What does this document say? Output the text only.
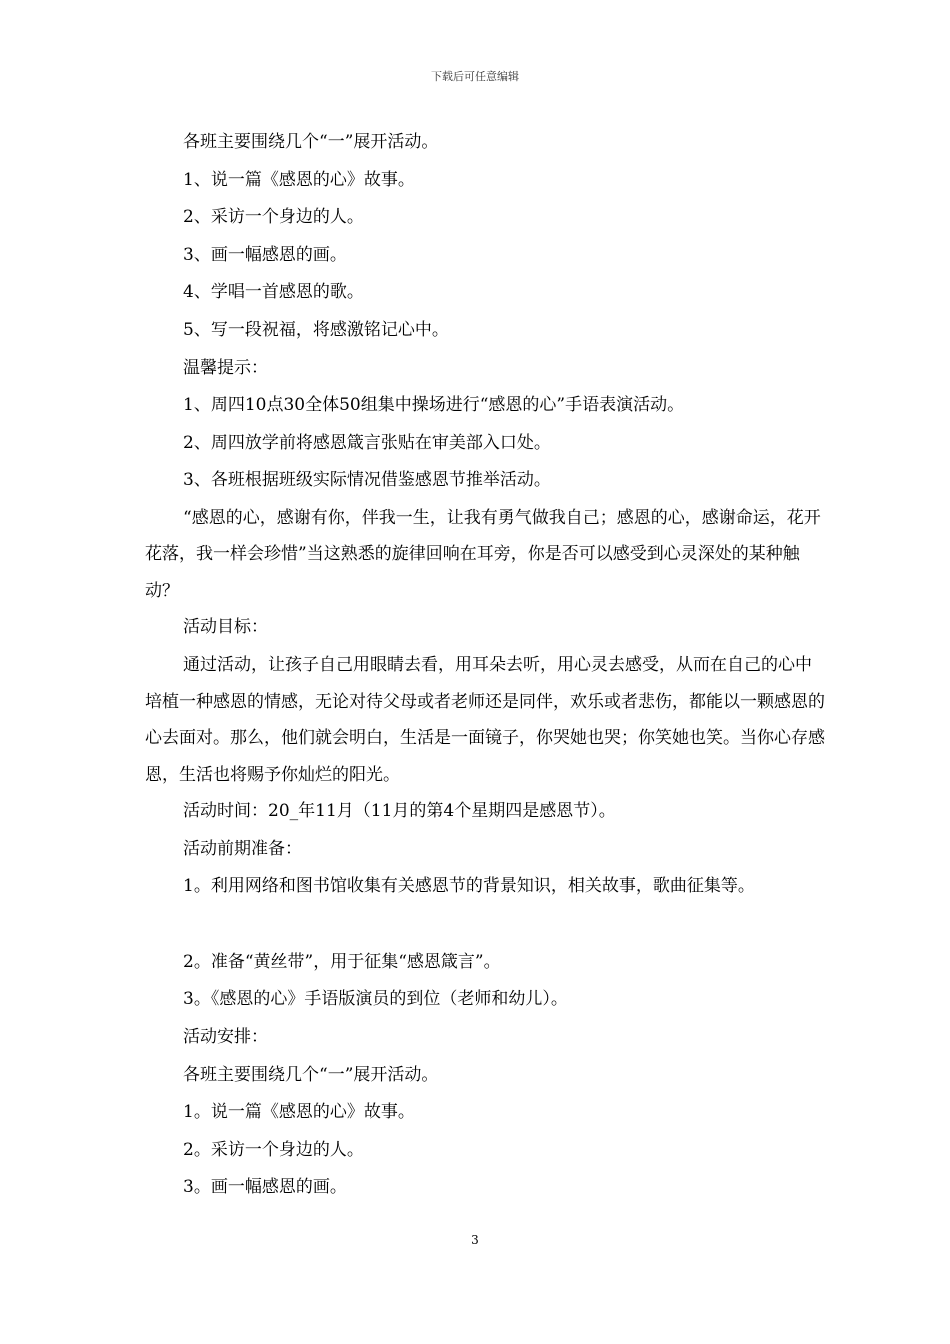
下载后可任意编辑

各班主要围绕几个“一”展开活动。

1、说一篇《感恩的心》故事。

2、采访一个身边的人。

3、画一幅感恩的画。

4、学唱一首感恩的歌。

5、写一段祝福，将感激铭记心中。

温馨提示：

1、周四10点30全体50组集中操场进行“感恩的心”手语表演活动。

2、周四放学前将感恩箴言张贴在审美部入口处。

3、各班根据班级实际情况借鉴感恩节推举活动。

“感恩的心，感谢有你，伴我一生，让我有勇气做我自己；感恩的心，感谢命运，花开花落，我一样会珍惜”当这熟悉的旋律回响在耳旁，你是否可以感受到心灵深处的某种触动？

活动目标：

通过活动，让孩子自己用眼睛去看，用耳朵去听，用心灵去感受，从而在自己的心中培植一种感恩的情感，无论对待父母或者老师还是同伴，欢乐或者悲伤，都能以一颗感恩的心去面对。那么，他们就会明白，生活是一面镜子，你哭她也哭；你笑她也笑。当你心存感恩，生活也将赐予你灿烂的阳光。

活动时间：20_年11月（11月的第4个星期四是感恩节）。

活动前期准备：

1。利用网络和图书馆收集有关感恩节的背景知识，相关故事，歌曲征集等。

2。准备“黄丝带”，用于征集“感恩箴言”。

3。《感恩的心》手语版演员的到位（老师和幼儿）。

活动安排：

各班主要围绕几个“一”展开活动。

1。说一篇《感恩的心》故事。

2。采访一个身边的人。

3。画一幅感恩的画。

3
